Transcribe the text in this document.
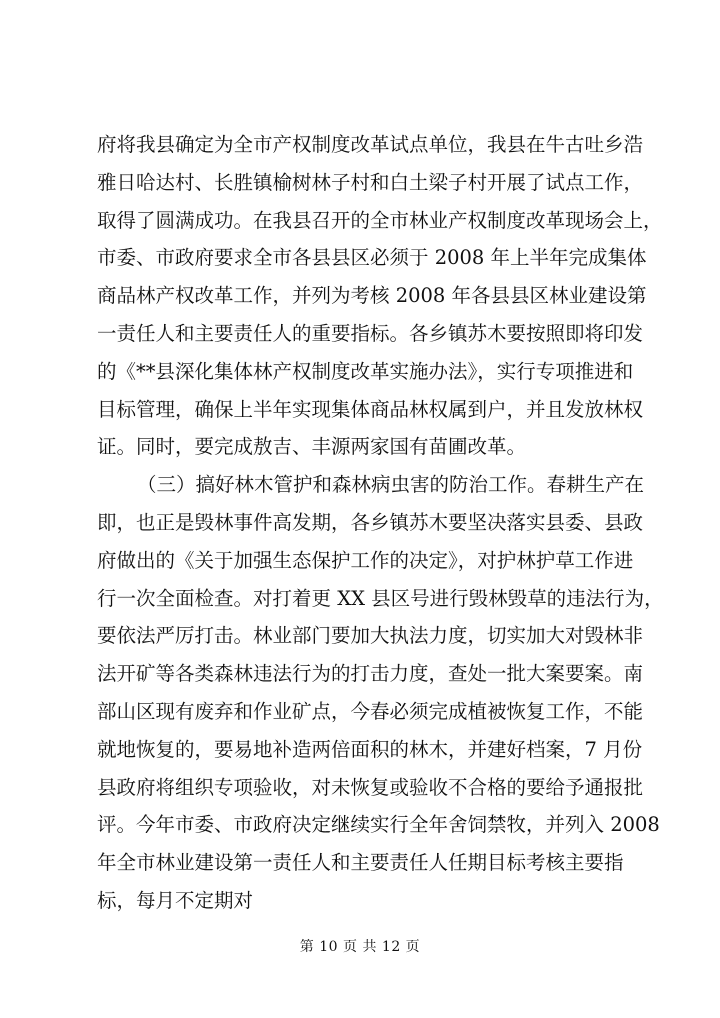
府将我县确定为全市产权制度改革试点单位，我县在牛古吐乡浩
雅日哈达村、长胜镇榆树林子村和白土梁子村开展了试点工作，
取得了圆满成功。在我县召开的全市林业产权制度改革现场会上，
市委、市政府要求全市各县县区必须于 2008 年上半年完成集体
商品林产权改革工作，并列为考核 2008 年各县县区林业建设第
一责任人和主要责任人的重要指标。各乡镇苏木要按照即将印发
的《**县深化集体林产权制度改革实施办法》，实行专项推进和
目标管理，确保上半年实现集体商品林权属到户，并且发放林权
证。同时，要完成敖吉、丰源两家国有苗圃改革。
（三）搞好林木管护和森林病虫害的防治工作。春耕生产在
即，也正是毁林事件高发期，各乡镇苏木要坚决落实县委、县政
府做出的《关于加强生态保护工作的决定》，对护林护草工作进
行一次全面检查。对打着更 XX 县区号进行毁林毁草的违法行为，
要依法严厉打击。林业部门要加大执法力度，切实加大对毁林非
法开矿等各类森林违法行为的打击力度，查处一批大案要案。南
部山区现有废弃和作业矿点，今春必须完成植被恢复工作，不能
就地恢复的，要易地补造两倍面积的林木，并建好档案，7 月份
县政府将组织专项验收，对未恢复或验收不合格的要给予通报批
评。今年市委、市政府决定继续实行全年舍饲禁牧，并列入 2008
年全市林业建设第一责任人和主要责任人任期目标考核主要指
标，每月不定期对
第 10 页 共 12 页
